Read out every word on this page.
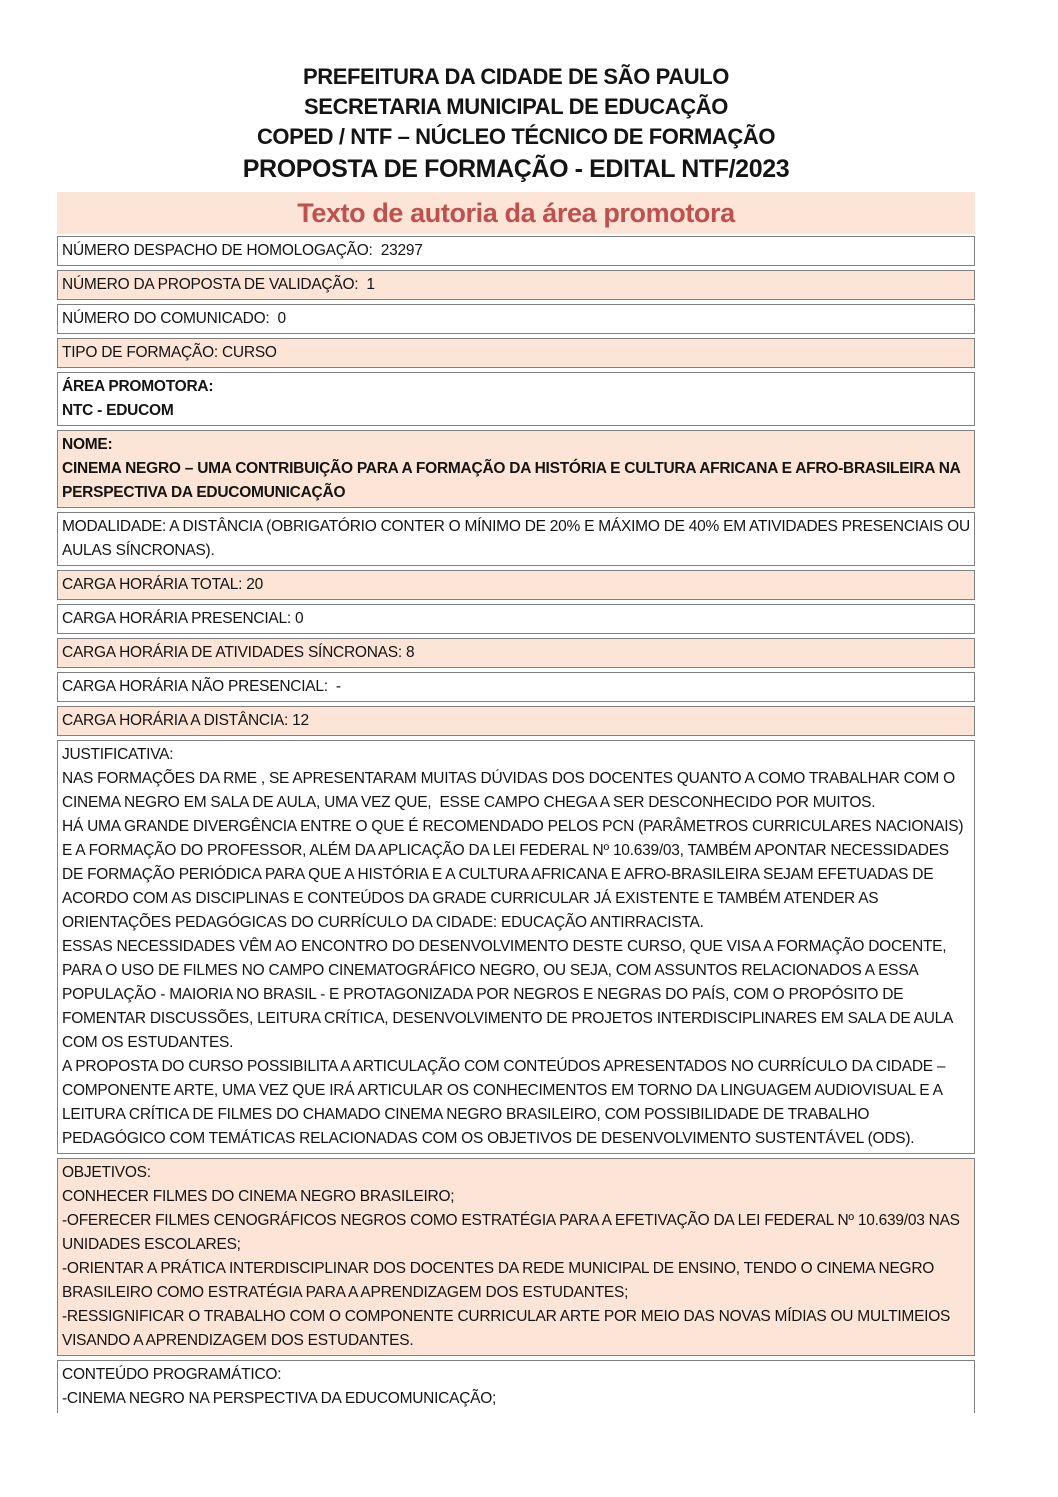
PREFEITURA DA CIDADE DE SÃO PAULO
SECRETARIA MUNICIPAL DE EDUCAÇÃO
COPED / NTF – NÚCLEO TÉCNICO DE FORMAÇÃO
PROPOSTA DE FORMAÇÃO - EDITAL NTF/2023
Texto de autoria da área promotora
NÚMERO DESPACHO DE HOMOLOGAÇÃO:  23297
NÚMERO DA PROPOSTA DE VALIDAÇÃO:  1
NÚMERO DO COMUNICADO:  0
TIPO DE FORMAÇÃO: CURSO
ÁREA PROMOTORA:
NTC - EDUCOM
NOME:
CINEMA NEGRO – UMA CONTRIBUIÇÃO PARA A FORMAÇÃO DA HISTÓRIA E CULTURA AFRICANA E AFRO-BRASILEIRA NA PERSPECTIVA DA EDUCOMUNICAÇÃO
MODALIDADE: A DISTÂNCIA (OBRIGATÓRIO CONTER O MÍNIMO DE 20% E MÁXIMO DE 40% EM ATIVIDADES PRESENCIAIS OU AULAS SÍNCRONAS).
CARGA HORÁRIA TOTAL: 20
CARGA HORÁRIA PRESENCIAL: 0
CARGA HORÁRIA DE ATIVIDADES SÍNCRONAS: 8
CARGA HORÁRIA NÃO PRESENCIAL:  -
CARGA HORÁRIA A DISTÂNCIA: 12
JUSTIFICATIVA:
NAS FORMAÇÕES DA RME , SE APRESENTARAM MUITAS DÚVIDAS DOS DOCENTES QUANTO A COMO TRABALHAR COM O CINEMA NEGRO EM SALA DE AULA, UMA VEZ QUE,  ESSE CAMPO CHEGA A SER DESCONHECIDO POR MUITOS.
HÁ UMA GRANDE DIVERGÊNCIA ENTRE O QUE É RECOMENDADO PELOS PCN (PARÂMETROS CURRICULARES NACIONAIS) E A FORMAÇÃO DO PROFESSOR, ALÉM DA APLICAÇÃO DA LEI FEDERAL Nº 10.639/03, TAMBÉM APONTAR NECESSIDADES DE FORMAÇÃO PERIÓDICA PARA QUE A HISTÓRIA E A CULTURA AFRICANA E AFRO-BRASILEIRA SEJAM EFETUADAS DE ACORDO COM AS DISCIPLINAS E CONTEÚDOS DA GRADE CURRICULAR JÁ EXISTENTE E TAMBÉM ATENDER AS ORIENTAÇÕES PEDAGÓGICAS DO CURRÍCULO DA CIDADE: EDUCAÇÃO ANTIRRACISTA.
ESSAS NECESSIDADES VÊM AO ENCONTRO DO DESENVOLVIMENTO DESTE CURSO, QUE VISA A FORMAÇÃO DOCENTE, PARA O USO DE FILMES NO CAMPO CINEMATOGRÁFICO NEGRO, OU SEJA, COM ASSUNTOS RELACIONADOS A ESSA POPULAÇÃO - MAIORIA NO BRASIL - E PROTAGONIZADA POR NEGROS E NEGRAS DO PAÍS, COM O PROPÓSITO DE FOMENTAR DISCUSSÕES, LEITURA CRÍTICA, DESENVOLVIMENTO DE PROJETOS INTERDISCIPLINARES EM SALA DE AULA COM OS ESTUDANTES.
A PROPOSTA DO CURSO POSSIBILITA A ARTICULAÇÃO COM CONTEÚDOS APRESENTADOS NO CURRÍCULO DA CIDADE – COMPONENTE ARTE, UMA VEZ QUE IRÁ ARTICULAR OS CONHECIMENTOS EM TORNO DA LINGUAGEM AUDIOVISUAL E A LEITURA CRÍTICA DE FILMES DO CHAMADO CINEMA NEGRO BRASILEIRO, COM POSSIBILIDADE DE TRABALHO PEDAGÓGICO COM TEMÁTICAS RELACIONADAS COM OS OBJETIVOS DE DESENVOLVIMENTO SUSTENTÁVEL (ODS).
OBJETIVOS:
CONHECER FILMES DO CINEMA NEGRO BRASILEIRO;
-OFERECER FILMES CENOGRÁFICOS NEGROS COMO ESTRATÉGIA PARA A EFETIVAÇÃO DA LEI FEDERAL Nº 10.639/03 NAS UNIDADES ESCOLARES;
-ORIENTAR A PRÁTICA INTERDISCIPLINAR DOS DOCENTES DA REDE MUNICIPAL DE ENSINO, TENDO O CINEMA NEGRO BRASILEIRO COMO ESTRATÉGIA PARA A APRENDIZAGEM DOS ESTUDANTES;
-RESSIGNIFICAR O TRABALHO COM O COMPONENTE CURRICULAR ARTE POR MEIO DAS NOVAS MÍDIAS OU MULTIMEIOS VISANDO A APRENDIZAGEM DOS ESTUDANTES.
CONTEÚDO PROGRAMÁTICO:
-CINEMA NEGRO NA PERSPECTIVA DA EDUCOMUNICAÇÃO;
